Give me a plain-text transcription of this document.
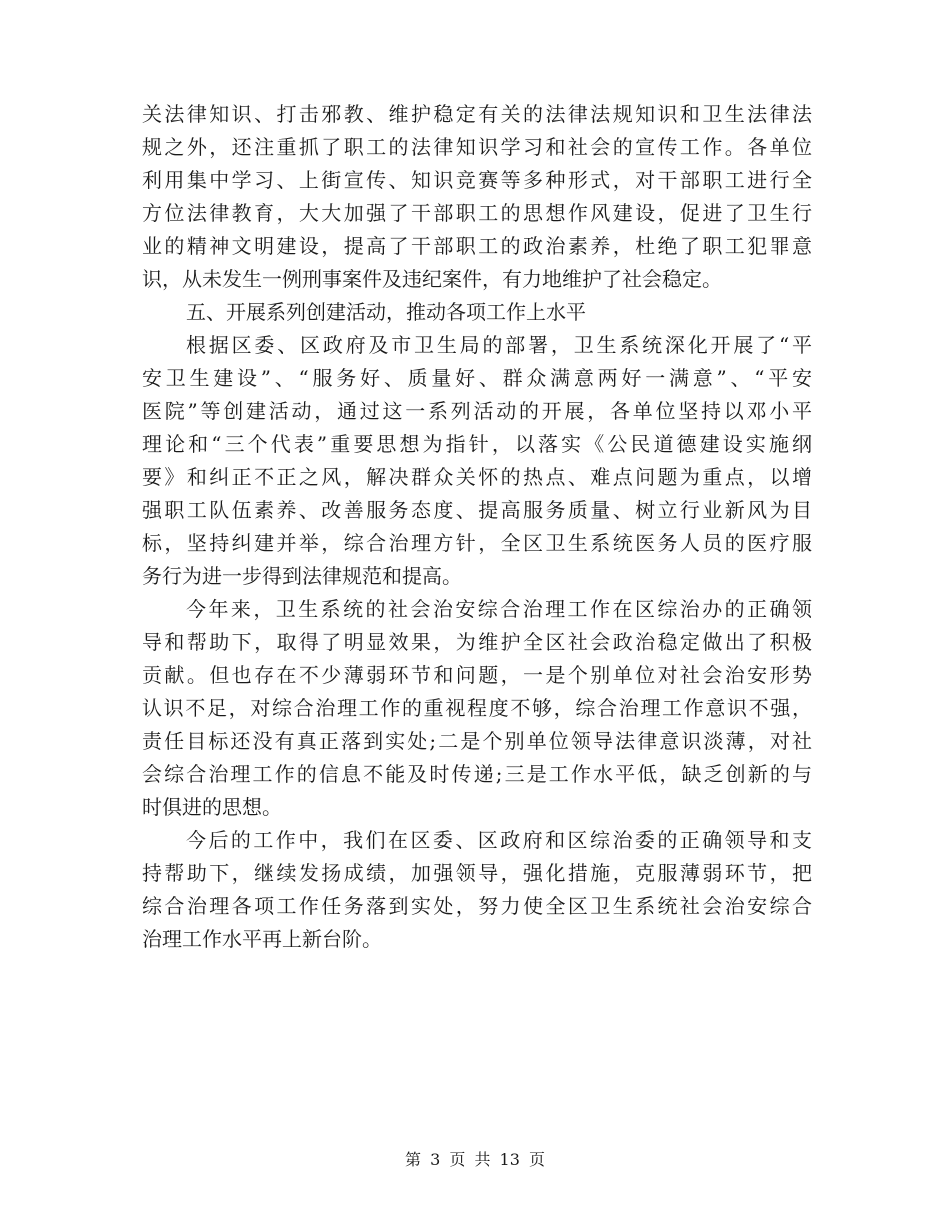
关法律知识、打击邪教、维护稳定有关的法律法规知识和卫生法律法
规之外，还注重抓了职工的法律知识学习和社会的宣传工作。各单位
利用集中学习、上街宣传、知识竞赛等多种形式，对干部职工进行全
方位法律教育，大大加强了干部职工的思想作风建设，促进了卫生行
业的精神文明建设，提高了干部职工的政治素养，杜绝了职工犯罪意
识，从未发生一例刑事案件及违纪案件，有力地维护了社会稳定。
五、开展系列创建活动，推动各项工作上水平
根据区委、区政府及市卫生局的部署，卫生系统深化开展了“平
安卫生建设”、“服务好、质量好、群众满意两好一满意”、“平安
医院”等创建活动，通过这一系列活动的开展，各单位坚持以邓小平
理论和“三个代表”重要思想为指针，以落实《公民道德建设实施纲
要》和纠正不正之风，解决群众关怀的热点、难点问题为重点，以增
强职工队伍素养、改善服务态度、提高服务质量、树立行业新风为目
标，坚持纠建并举，综合治理方针，全区卫生系统医务人员的医疗服
务行为进一步得到法律规范和提高。
今年来，卫生系统的社会治安综合治理工作在区综治办的正确领
导和帮助下，取得了明显效果，为维护全区社会政治稳定做出了积极
贡献。但也存在不少薄弱环节和问题，一是个别单位对社会治安形势
认识不足，对综合治理工作的重视程度不够，综合治理工作意识不强，
责任目标还没有真正落到实处;二是个别单位领导法律意识淡薄，对社
会综合治理工作的信息不能及时传递;三是工作水平低，缺乏创新的与
时俱进的思想。
今后的工作中，我们在区委、区政府和区综治委的正确领导和支
持帮助下，继续发扬成绩，加强领导，强化措施，克服薄弱环节，把
综合治理各项工作任务落到实处，努力使全区卫生系统社会治安综合
治理工作水平再上新台阶。
第 3 页 共 13 页
